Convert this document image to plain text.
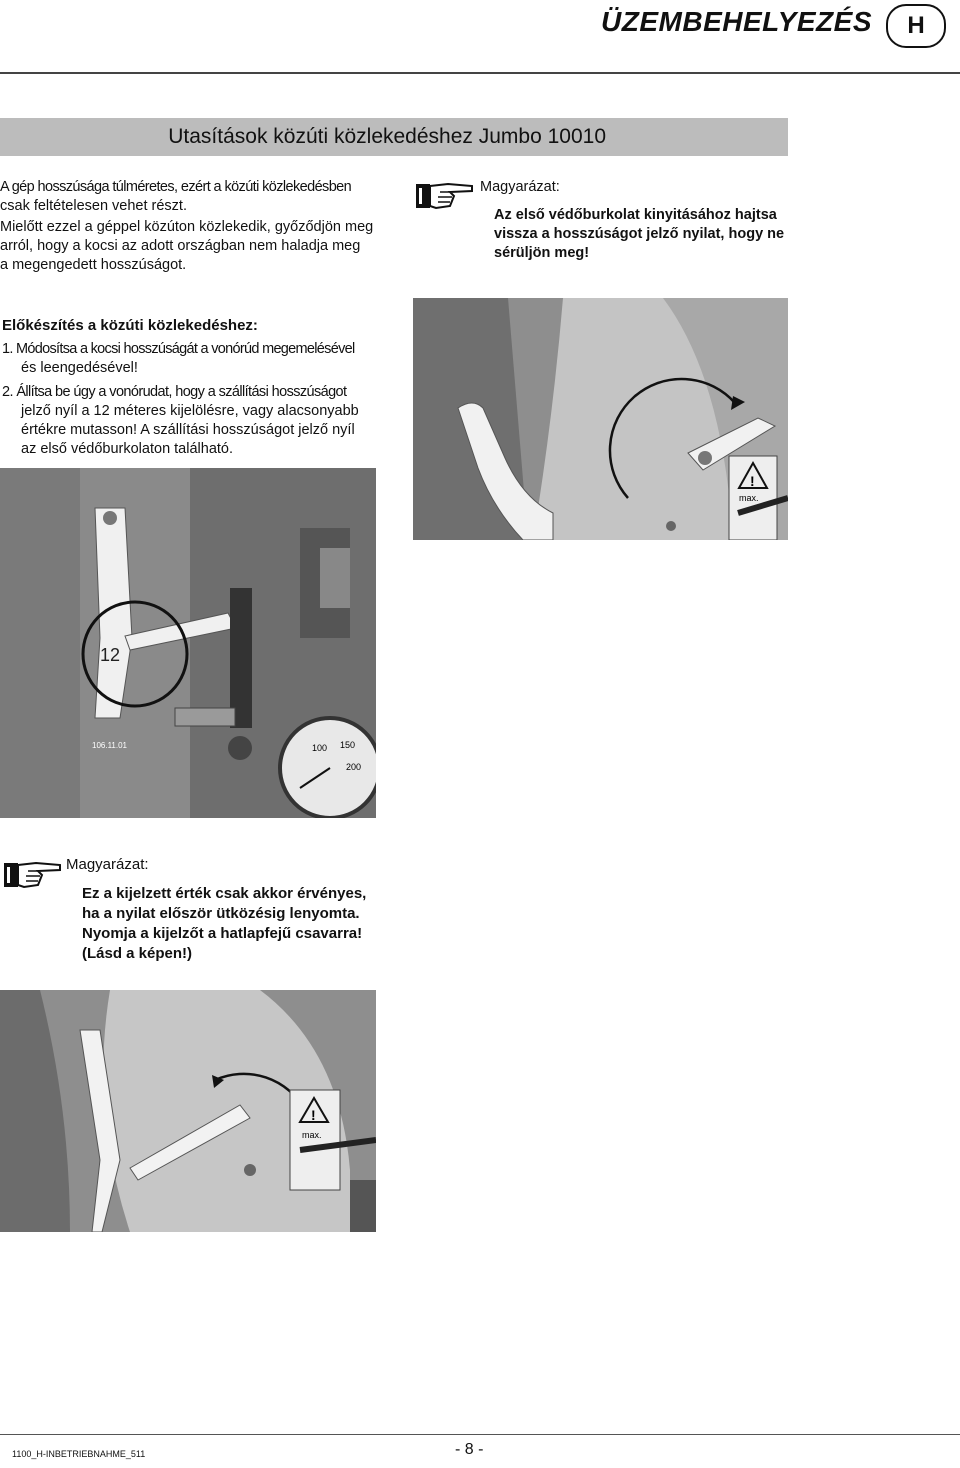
ÜZEMBEHELYEZÉS	H
Utasítások közúti közlekedéshez Jumbo 10010
A gép hosszúsága túlméretes, ezért a közúti közlekedésben
csak feltételesen vehet részt.
Mielőtt ezzel a géppel közúton közlekedik, győződjön meg
arról, hogy a kocsi az adott országban nem haladja meg
a megengedett hosszúságot.
Magyarázat:
Az első védőburkolat kinyitásához hajtsa
vissza a hosszúságot jelző nyilat, hogy ne
sérüljön meg!
Előkészítés a közúti közlekedéshez:
1. Módosítsa a kocsi hosszúságát a vonórúd megemelésével
és leengedésével!
2. Állítsa be úgy a vonórudat, hogy a szállítási hosszúságot
jelző nyíl a 12 méteres kijelölésre, vagy alacsonyabb
értékre mutasson! A szállítási hosszúságot jelző nyíl
az első védőburkolaton található.
!
max.
12
106.11.01	100 150
200
Magyarázat:
Ez a kijelzett érték csak akkor érvényes,
ha a nyilat először ütközésig lenyomta.
Nyomja a kijelzőt a hatlapfejű csavarra!
(Lásd a képen!)
!
max.
1100_H-INBETRIEBNAHME_511	- 8 -
